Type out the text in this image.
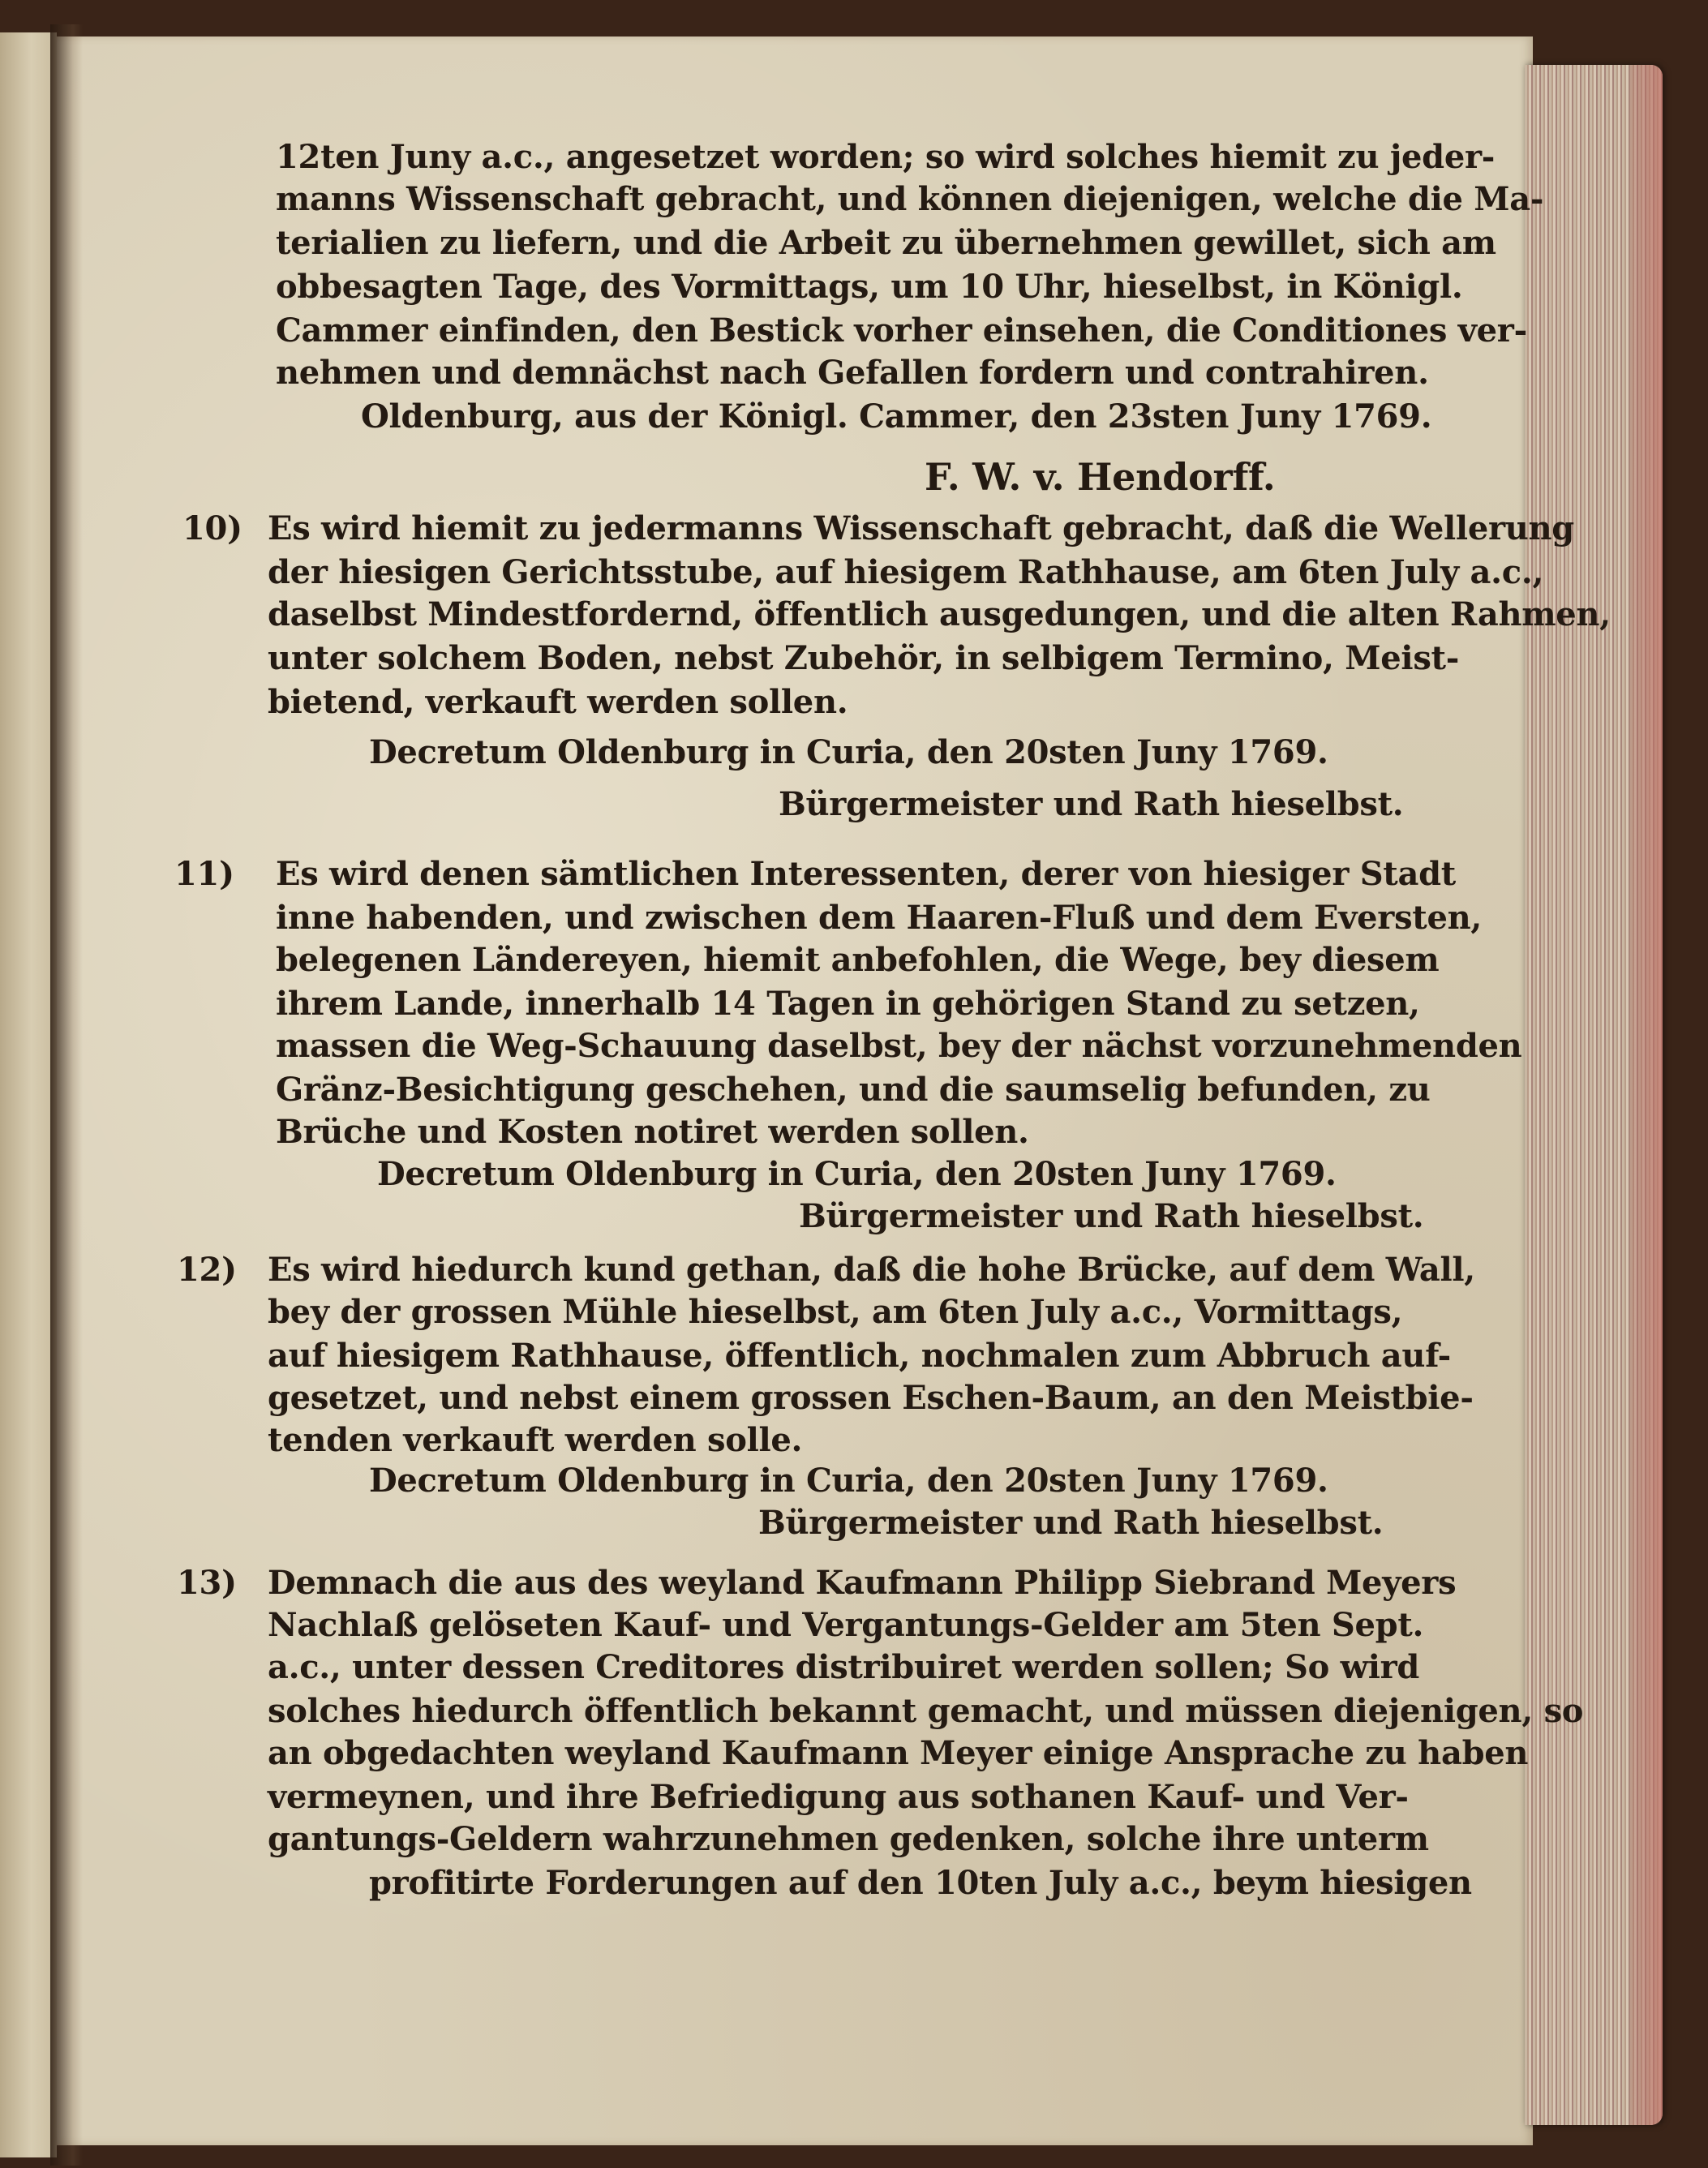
12ten Juny a.c., angesetzet worden; so wird solches hiemit zu jeder-
manns Wissenschaft gebracht, und können diejenigen, welche die Ma-
terialien zu liefern, und die Arbeit zu übernehmen gewillet, sich am
obbesagten Tage, des Vormittags, um 10 Uhr, hieselbst, in Königl.
Cammer einfinden, den Bestick vorher einsehen, die Conditiones ver-
nehmen und demnächst nach Gefallen fordern und contrahiren.
Oldenburg, aus der Königl. Cammer, den 23sten Juny 1769.
F. W. v. Hendorff.
10) Es wird hiemit zu jedermanns Wissenschaft gebracht, daß die Wellerung
der hiesigen Gerichtsstube, auf hiesigem Rathhause, am 6ten July a.c.,
daselbst Mindestfordernd, öffentlich ausgedungen, und die alten Rahmen,
unter solchem Boden, nebst Zubehör, in selbigem Termino, Meist-
bietend, verkauft werden sollen.
Decretum Oldenburg in Curia, den 20sten Juny 1769.
Bürgermeister und Rath hieselbst.
11) Es wird denen sämtlichen Interessenten, derer von hiesiger Stadt
inne habenden, und zwischen dem Haaren-Fluß und dem Eversten,
belegenen Ländereyen, hiemit anbefohlen, die Wege, bey diesem
ihrem Lande, innerhalb 14 Tagen in gehörigen Stand zu setzen,
massen die Weg-Schauung daselbst, bey der nächst vorzunehmenden
Gränz-Besichtigung geschehen, und die saumselig befunden, zu
Brüche und Kosten notiret werden sollen.
Decretum Oldenburg in Curia, den 20sten Juny 1769.
Bürgermeister und Rath hieselbst.
12) Es wird hiedurch kund gethan, daß die hohe Brücke, auf dem Wall,
bey der grossen Mühle hieselbst, am 6ten July a.c., Vormittags,
auf hiesigem Rathhause, öffentlich, nochmalen zum Abbruch auf-
gesetzet, und nebst einem grossen Eschen-Baum, an den Meistbie-
tenden verkauft werden solle.
Decretum Oldenburg in Curia, den 20sten Juny 1769.
Bürgermeister und Rath hieselbst.
13) Demnach die aus des weyland Kaufmann Philipp Siebrand Meyers
Nachlaß gelöseten Kauf- und Vergantungs-Gelder am 5ten Sept.
a.c., unter dessen Creditores distribuiret werden sollen; So wird
solches hiedurch öffentlich bekannt gemacht, und müssen diejenigen, so
an obgedachten weyland Kaufmann Meyer einige Ansprache zu haben
vermeynen, und ihre Befriedigung aus sothanen Kauf- und Ver-
gantungs-Geldern wahrzunehmen gedenken, solche ihre unterm
profitirte Forderungen auf den 10ten July a.c., beym hiesigen
